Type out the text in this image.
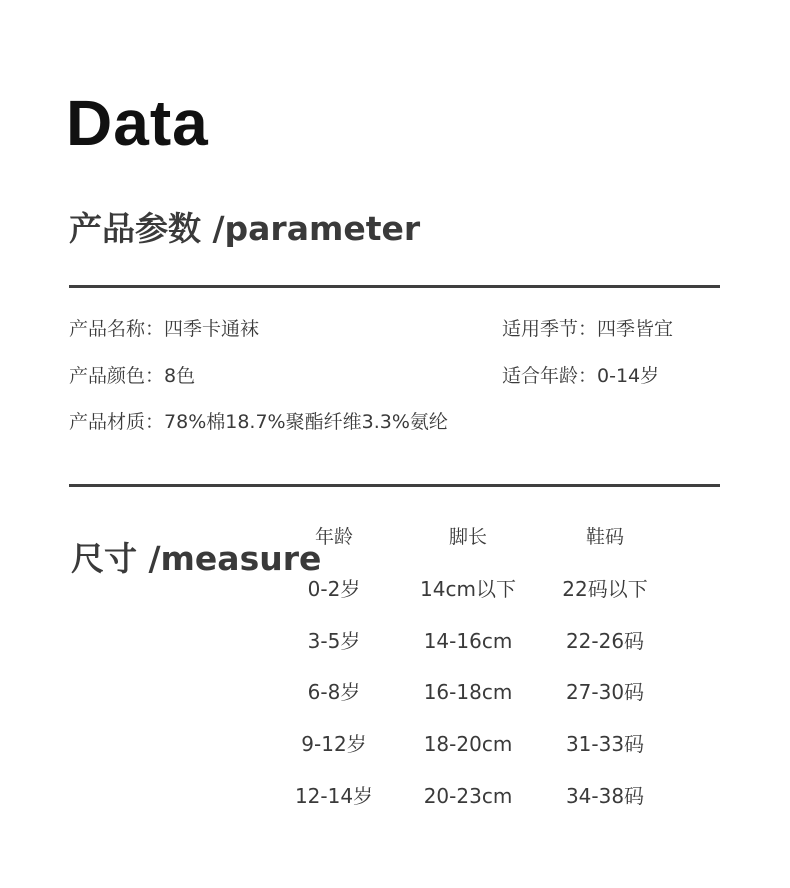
Data
产品参数 /parameter
产品名称：四季卡通袜	适用季节：四季皆宜
产品颜色：8色	适合年龄：0-14岁
产品材质：78%棉18.7%聚酯纤维3.3%氨纶
尺寸 /measure
年龄	脚长	鞋码
0-2岁	14cm以下	22码以下
3-5岁	14-16cm	22-26码
6-8岁	16-18cm	27-30码
9-12岁	18-20cm	31-33码
12-14岁	20-23cm	34-38码
